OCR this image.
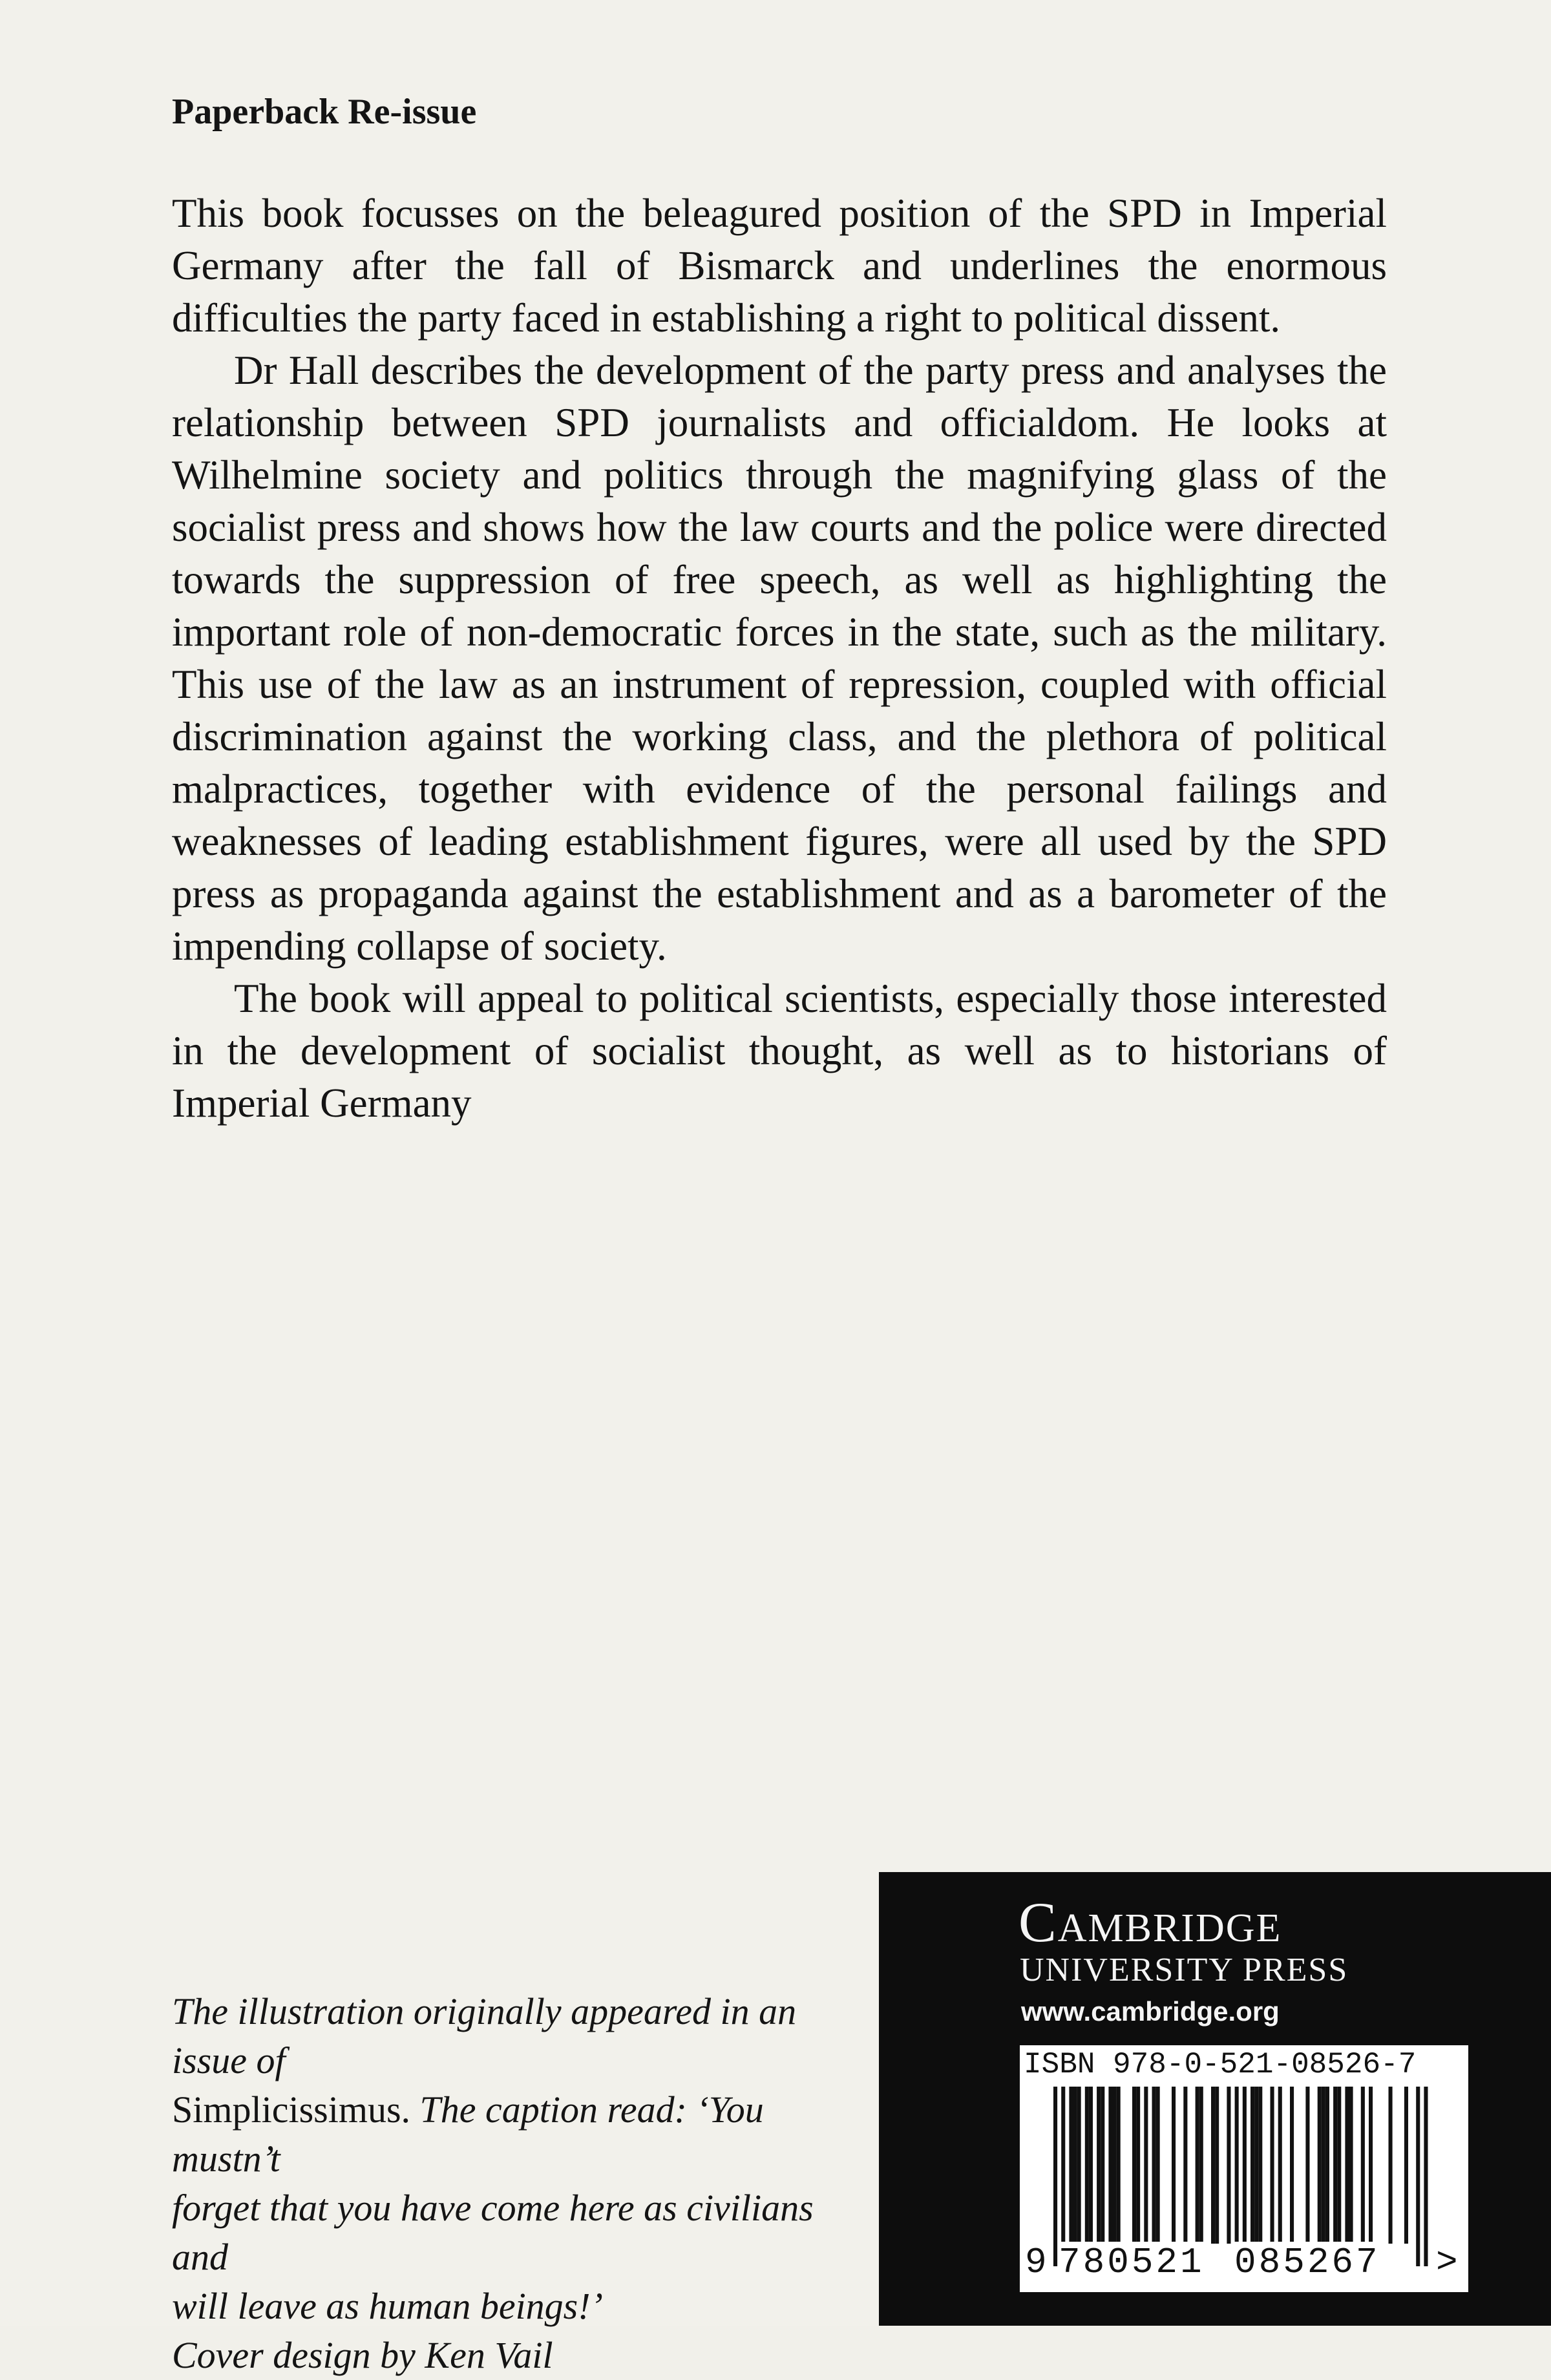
Paperback Re-issue

This book focusses on the beleagured position of the SPD in Imperial Germany after the fall of Bismarck and underlines the enormous difficulties the party faced in establishing a right to political dissent.

Dr Hall describes the development of the party press and analyses the relationship between SPD journalists and officialdom. He looks at Wilhelmine society and politics through the magnifying glass of the socialist press and shows how the law courts and the police were directed towards the suppression of free speech, as well as highlighting the important role of non-democratic forces in the state, such as the military. This use of the law as an instrument of repression, coupled with official discrimination against the working class, and the plethora of political malpractices, together with evidence of the personal failings and weaknesses of leading establishment figures, were all used by the SPD press as propaganda against the establishment and as a barometer of the impending collapse of society.

The book will appeal to political scientists, especially those interested in the development of socialist thought, as well as to historians of Imperial Germany

The illustration originally appeared in an issue of
Simplicissimus. The caption read: ‘You mustn’t
forget that you have come here as civilians and
will leave as human beings!’
Cover design by Ken Vail
Cambridge
UNIVERSITY PRESS
www.cambridge.org
ISBN 978-0-521-08526-7
9 780521 085267 >
